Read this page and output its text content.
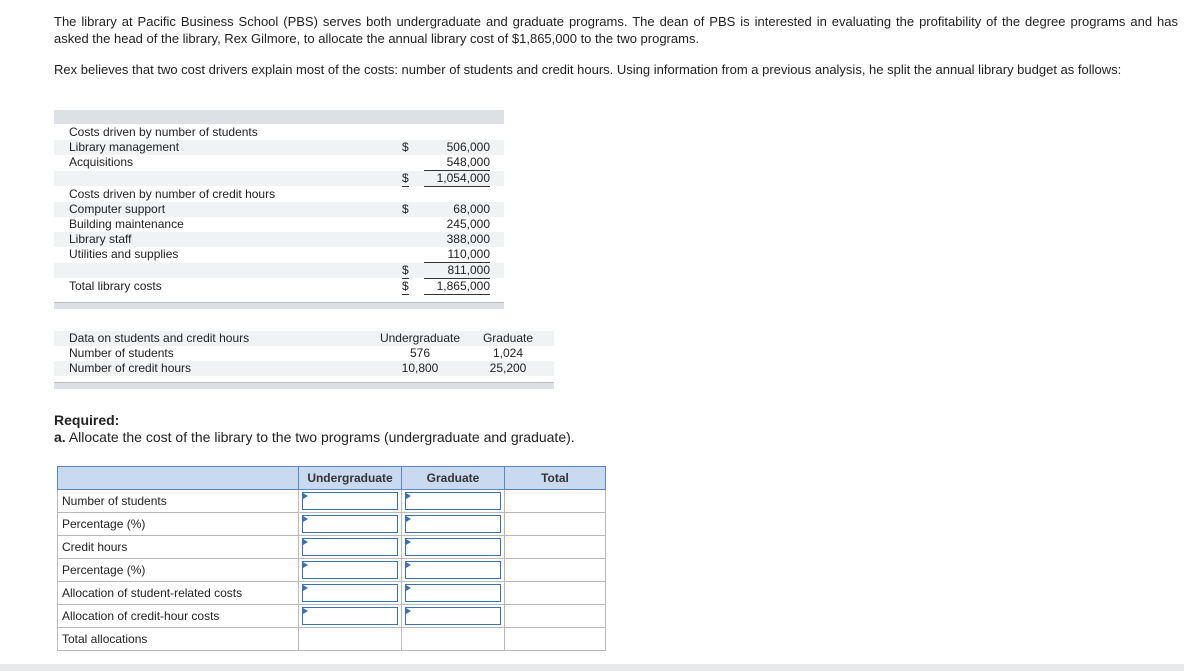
The library at Pacific Business School (PBS) serves both undergraduate and graduate programs. The dean of PBS is interested in evaluating the profitability of the degree programs and has asked the head of the library, Rex Gilmore, to allocate the annual library cost of $1,865,000 to the two programs.

Rex believes that two cost drivers explain most of the costs: number of students and credit hours. Using information from a previous analysis, he split the annual library budget as follows:

Costs driven by number of students
Library management	$	506,000
Acquisitions	548,000
$	1,054,000
Costs driven by number of credit hours
Computer support	$	68,000
Building maintenance	245,000
Library staff	388,000
Utilities and supplies	110,000
$	811,000
Total library costs	$	1,865,000
Data on students and credit hours	Undergraduate	Graduate
Number of students	576	1,024
Number of credit hours	10,800	25,200
Required:
a. Allocate the cost of the library to the two programs (undergraduate and graduate).
	Undergraduate	Graduate	Total
Number of students	

Percentage (%)	

Credit hours	

Percentage (%)	

Allocation of student-related costs	

Allocation of credit-hour costs	

Total allocations			
